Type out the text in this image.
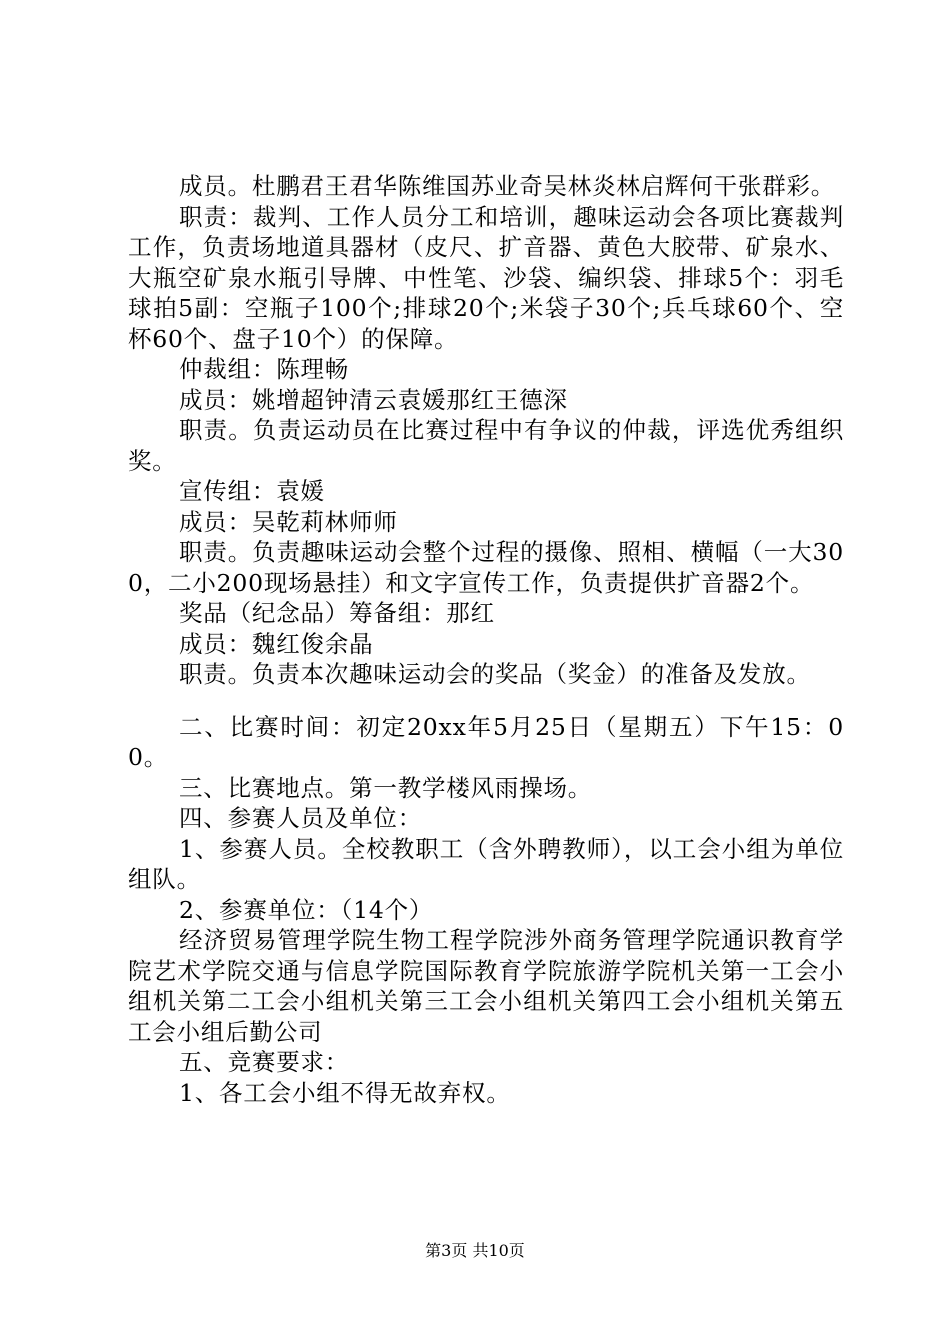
成员。杜鹏君王君华陈维国苏业奇吴林炎林启辉何干张群彩。

职责：裁判、工作人员分工和培训，趣味运动会各项比赛裁判工作，负责场地道具器材（皮尺、扩音器、黄色大胶带、矿泉水、大瓶空矿泉水瓶引导牌、中性笔、沙袋、编织袋、排球5个：羽毛球拍5副：空瓶子100个;排球20个;米袋子30个;兵乓球60个、空杯60个、盘子10个）的保障。

仲裁组：陈理畅

成员：姚增超钟清云袁媛那红王德深

职责。负责运动员在比赛过程中有争议的仲裁，评选优秀组织奖。

宣传组：袁媛

成员：吴乾莉林师师

职责。负责趣味运动会整个过程的摄像、照相、横幅（一大300，二小200现场悬挂）和文字宣传工作，负责提供扩音器2个。

奖品（纪念品）筹备组：那红

成员：魏红俊余晶

职责。负责本次趣味运动会的奖品（奖金）的准备及发放。

二、比赛时间：初定20xx年5月25日（星期五）下午15：00。

三、比赛地点。第一教学楼风雨操场。

四、参赛人员及单位：

1、参赛人员。全校教职工（含外聘教师），以工会小组为单位组队。

2、参赛单位：（14个）

经济贸易管理学院生物工程学院涉外商务管理学院通识教育学院艺术学院交通与信息学院国际教育学院旅游学院机关第一工会小组机关第二工会小组机关第三工会小组机关第四工会小组机关第五工会小组后勤公司

五、竞赛要求：

1、各工会小组不得无故弃权。

第3页 共10页
